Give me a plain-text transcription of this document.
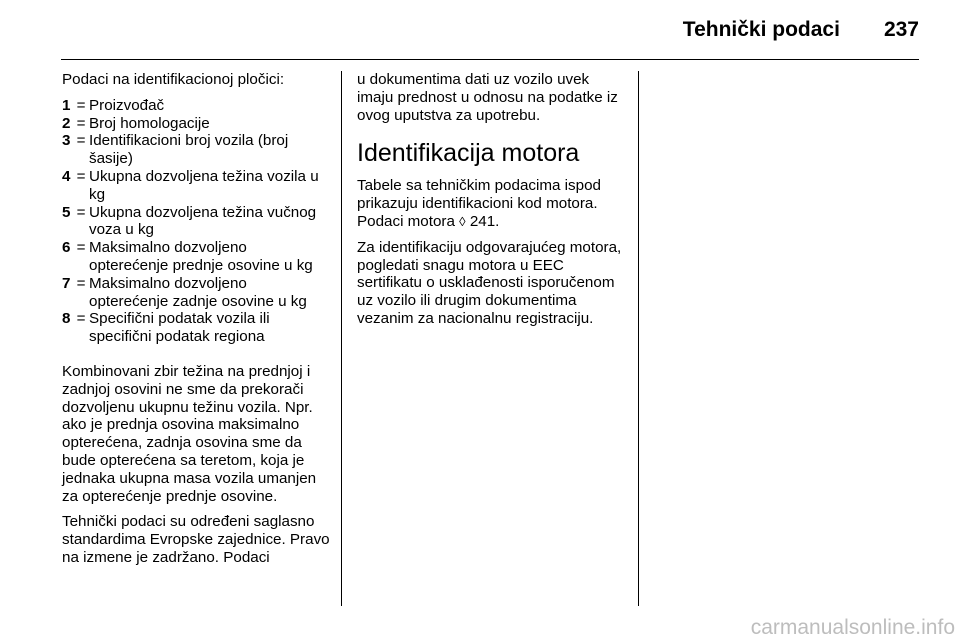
Tehnički podaci 237

Podaci na identifikacionoj pločici:

1 = Proizvođač
2 = Broj homologacije
3 = Identifikacioni broj vozila (broj šasije)
4 = Ukupna dozvoljena težina vozila u kg
5 = Ukupna dozvoljena težina vučnog voza u kg
6 = Maksimalno dozvoljeno opterećenje prednje osovine u kg
7 = Maksimalno dozvoljeno opterećenje zadnje osovine u kg
8 = Specifični podatak vozila ili specifični podatak regiona

Kombinovani zbir težina na prednjoj i zadnjoj osovini ne sme da prekorači dozvoljenu ukupnu težinu vozila. Npr. ako je prednja osovina maksimalno opterećena, zadnja osovina sme da bude opterećena sa teretom, koja je jednaka ukupna masa vozila umanjen za opterećenje prednje osovine.

Tehnički podaci su određeni saglasno standardima Evropske zajednice. Pravo na izmene je zadržano. Podaci

u dokumentima dati uz vozilo uvek imaju prednost u odnosu na podatke iz ovog uputstva za upotrebu.

Identifikacija motora

Tabele sa tehničkim podacima ispod prikazuju identifikacioni kod motora. Podaci motora ◊ 241.

Za identifikaciju odgovarajućeg motora, pogledati snagu motora u EEC sertifikatu o usklađenosti isporučenom uz vozilo ili drugim dokumentima vezanim za nacionalnu registraciju.

carmanualsonline.info
